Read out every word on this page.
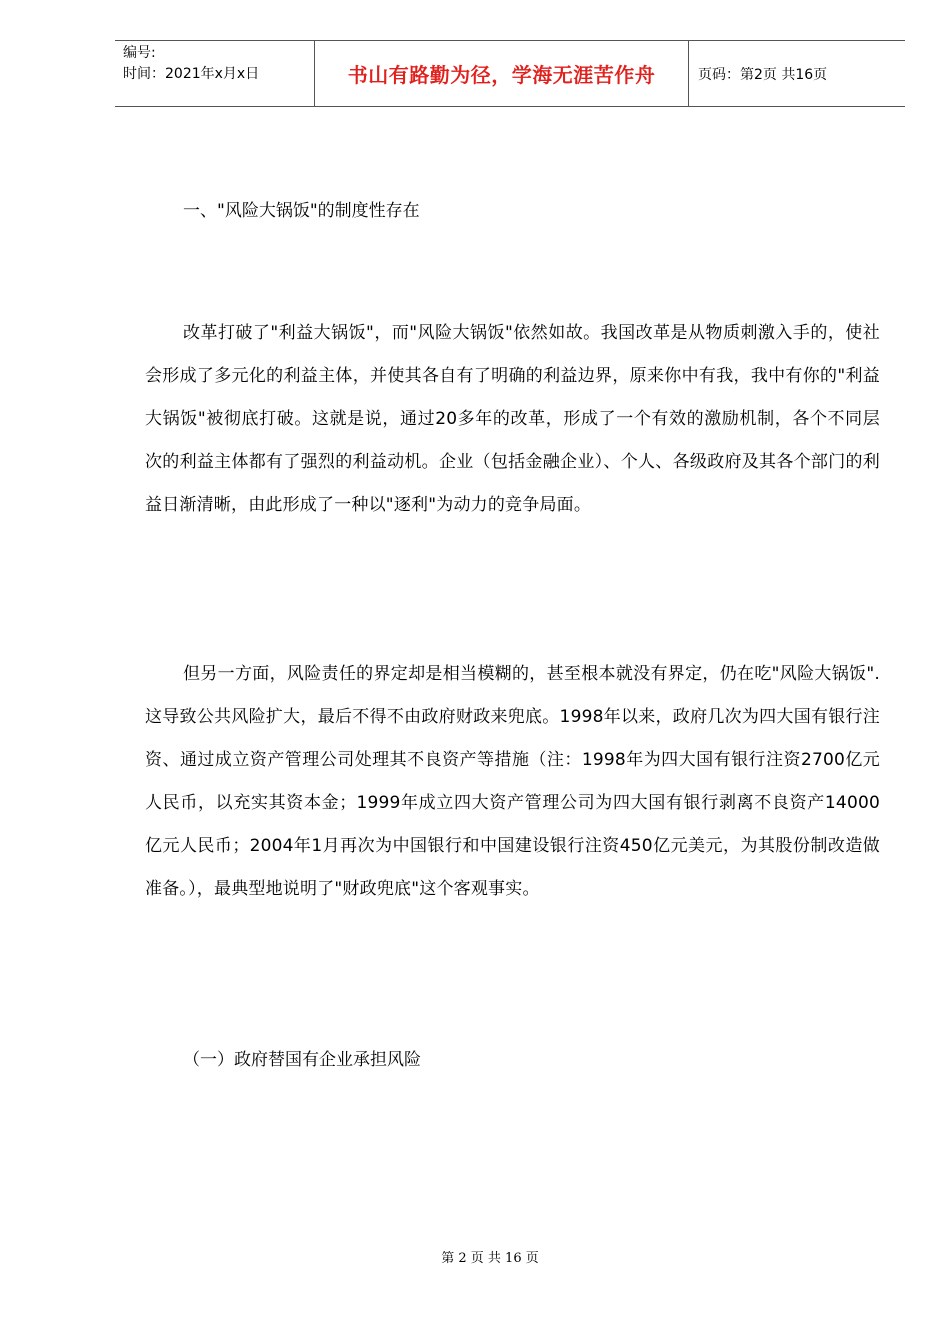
编号:
时间：2021年x月x日	书山有路勤为径，学海无涯苦作舟	页码：第2页 共16页
一、"风险大锅饭"的制度性存在
改革打破了"利益大锅饭"，而"风险大锅饭"依然如故。我国改革是从物质刺激入手的，使社会形成了多元化的利益主体，并使其各自有了明确的利益边界，原来你中有我，我中有你的"利益大锅饭"被彻底打破。这就是说，通过20多年的改革，形成了一个有效的激励机制，各个不同层次的利益主体都有了强烈的利益动机。企业（包括金融企业）、个人、各级政府及其各个部门的利益日渐清晰，由此形成了一种以"逐利"为动力的竞争局面。
但另一方面，风险责任的界定却是相当模糊的，甚至根本就没有界定，仍在吃"风险大锅饭".这导致公共风险扩大，最后不得不由政府财政来兜底。1998年以来，政府几次为四大国有银行注资、通过成立资产管理公司处理其不良资产等措施（注：1998年为四大国有银行注资2700亿元人民币，以充实其资本金；1999年成立四大资产管理公司为四大国有银行剥离不良资产14000亿元人民币；2004年1月再次为中国银行和中国建设银行注资450亿元美元，为其股份制改造做准备。），最典型地说明了"财政兜底"这个客观事实。
（一）政府替国有企业承担风险
第 2 页 共 16 页
